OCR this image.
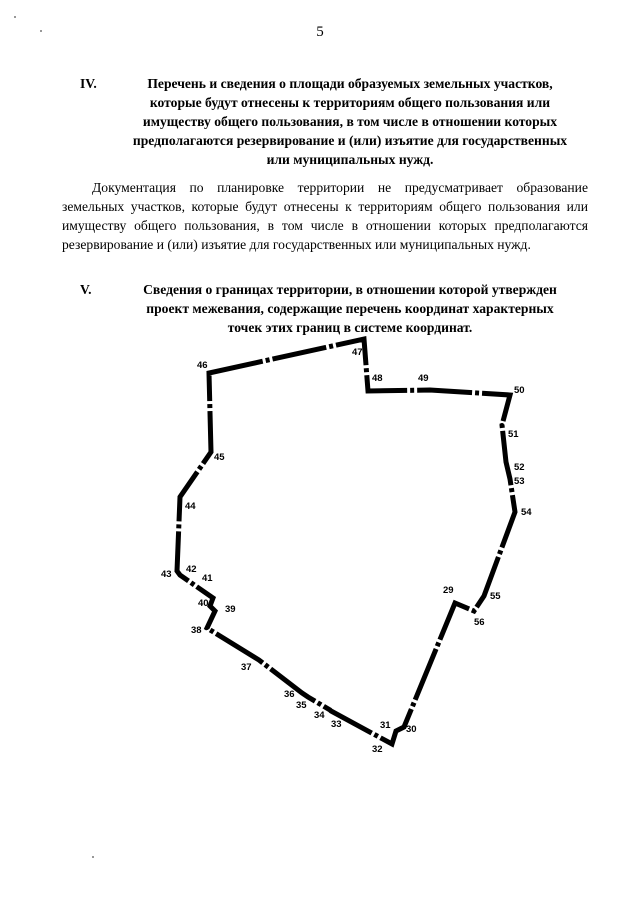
5
IV.	Перечень и сведения о площади образуемых земельных участков,
которые будут отнесены к территориям общего пользования или
имуществу общего пользования, в том числе в отношении которых
предполагаются резервирование и (или) изъятие для государственных
или муниципальных нужд.
Документация по планировке территории не предусматривает образование земельных участков, которые будут отнесены к территориям общего пользования или имуществу общего пользования, в том числе в отношении которых предполагаются резервирование и (или) изъятие для государственных или муниципальных нужд.
V.	Сведения о границах территории, в отношении которой утвержден
проект межевания, содержащие перечень координат характерных
точек этих границ в системе координат.
46
47
48	49
50
51
52
53
54
55
56
29
30
31
32
33
34
35
36
37
38
39
40
41
42
43
44
45
